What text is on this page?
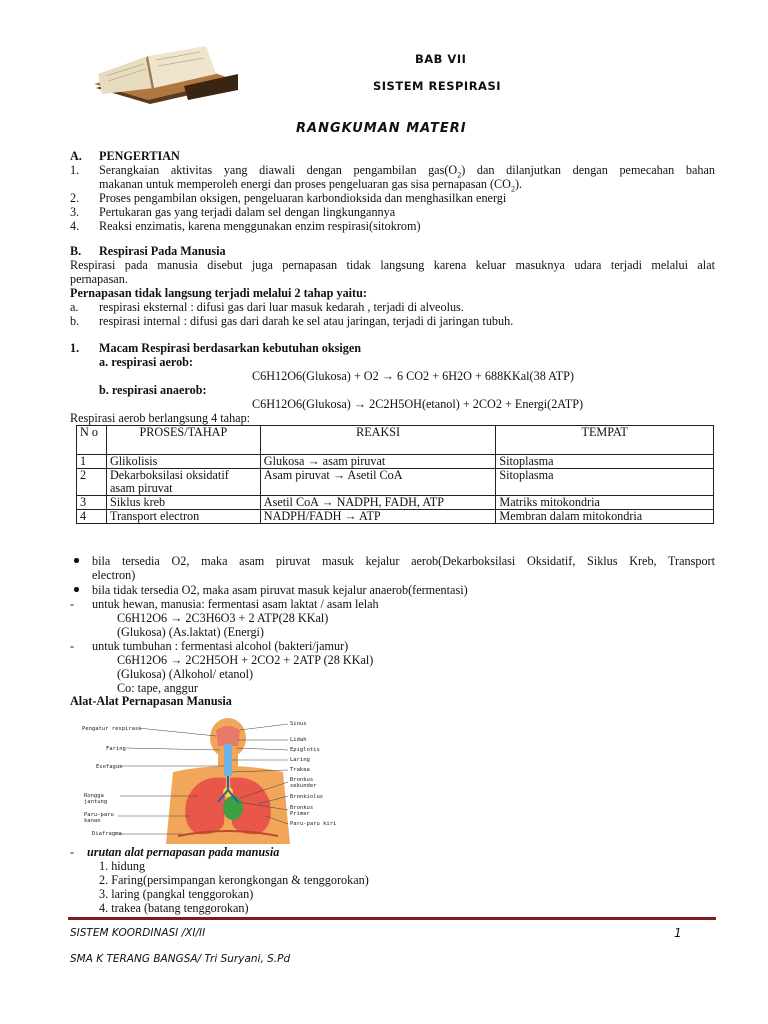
BAB VII
SISTEM RESPIRASI
RANGKUMAN MATERI
A. PENGERTIAN
1. Serangkaian aktivitas yang diawali dengan pengambilan $gas(O_2)$ dan dilanjutkan dengan pemecahan bahan
makanan untuk memperoleh energi dan proses pengeluaran gas sisa pernapasan $(CO_2)$.
2. Proses pengambilan oksigen, pengeluaran karbondioksida dan menghasilkan energi
3. Pertukaran gas yang terjadi dalam sel dengan lingkungannya
4. Reaksi enzimatis, karena menggunakan enzim respirasi(sitokrom)
B. Respirasi Pada Manusia
Respirasi pada manusia disebut juga pernapasan tidak langsung karena keluar masuknya udara terjadi melalui alat
pernapasan.
Pernapasan tidak langsung terjadi melalui 2 tahap yaitu:
a. respirasi eksternal : difusi gas dari luar masuk kedarah , terjadi di alveolus.
b. respirasi internal : difusi gas dari darah ke sel atau jaringan, terjadi di jaringan tubuh.
1. Macam Respirasi berdasarkan kebutuhan oksigen
a. respirasi aerob:
C6H12O6(Glukosa) + O2 → 6 CO2 + 6H2O + 688KKal(38 ATP)
b. respirasi anaerob:
C6H12O6(Glukosa) → 2C2H5OH(etanol) + 2CO2 + Energi(2ATP)
Respirasi aerob berlangsung 4 tahap:
N o	PROSES/TAHAP	REAKSI	TEMPAT
1	Glikolisis	Glukosa → asam piruvat	Sitoplasma
2	Dekarboksilasi oksidatif asam piruvat	Asam piruvat → Asetil CoA	Sitoplasma
3	Siklus kreb	Asetil CoA → NADPH, FADH, ATP	Matriks mitokondria
4	Transport electron	NADPH/FADH → ATP	Membran dalam mitokondria
bila tersedia O2, maka asam piruvat masuk kejalur aerob(Dekarboksilasi Oksidatif, Siklus Kreb, Transport
electron)
bila tidak tersedia O2, maka asam piruvat masuk kejalur anaerob(fermentasi)
- untuk hewan, manusia: fermentasi asam laktat / asam lelah
C6H12O6 → 2C3H6O3 + 2 ATP(28 KKal)
(Glukosa) (As.laktat) (Energi)
- untuk tumbuhan : fermentasi alcohol (bakteri/jamur)
C6H12O6 → 2C2H5OH + 2CO2 + 2ATP (28 KKal)
(Glukosa) (Alkohol/ etanol)
Co: tape, anggur
Alat-Alat Pernapasan Manusia
Pengatur respirasi
Faring
Esofagus
Rongga jantung
Paru-paru kanan
Diafragma
Sinus
Lidah
Epiglotis
Laring
Trakea
Bronkus sekunder
Bronkiolus
Bronkus Primer
Paru-paru kiri
- urutan alat pernapasan pada manusia
1. hidung
2. Faring(persimpangan kerongkongan & tenggorokan)
3. laring (pangkal tenggorokan)
4. trakea (batang tenggorokan)
SISTEM KOORDINASI /XI/II	1
SMA K TERANG BANGSA/ Tri Suryani, S.Pd
